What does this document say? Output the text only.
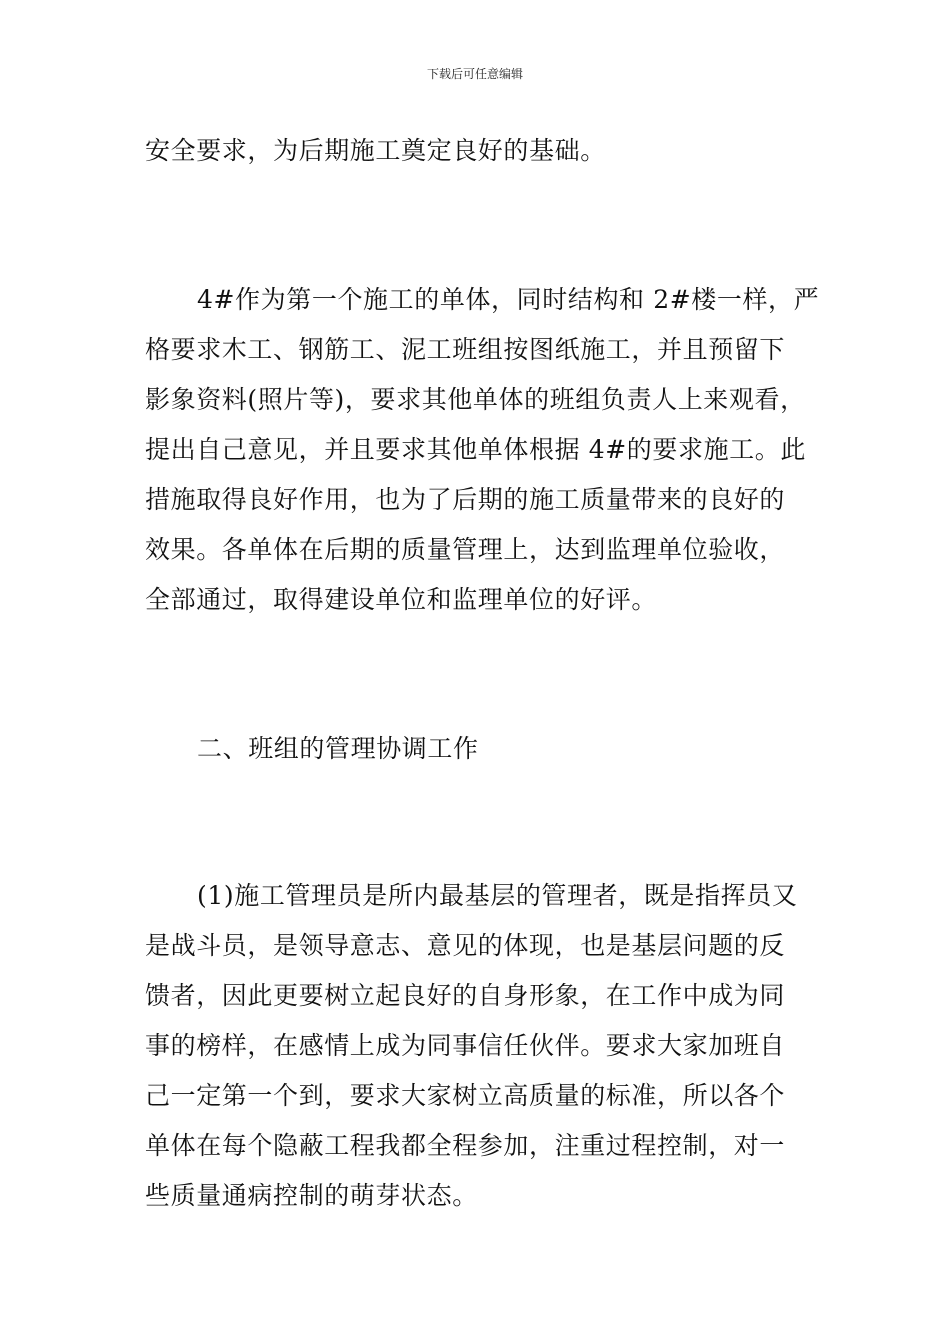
下载后可任意编辑
安全要求，为后期施工奠定良好的基础。
4#作为第一个施工的单体，同时结构和 2#楼一样，严
格要求木工、钢筋工、泥工班组按图纸施工，并且预留下
影象资料(照片等)，要求其他单体的班组负责人上来观看，
提出自己意见，并且要求其他单体根据 4#的要求施工。此
措施取得良好作用，也为了后期的施工质量带来的良好的
效果。各单体在后期的质量管理上，达到监理单位验收，
全部通过，取得建设单位和监理单位的好评。
二、班组的管理协调工作
(1)施工管理员是所内最基层的管理者，既是指挥员又
是战斗员，是领导意志、意见的体现，也是基层问题的反
馈者，因此更要树立起良好的自身形象，在工作中成为同
事的榜样，在感情上成为同事信任伙伴。要求大家加班自
己一定第一个到，要求大家树立高质量的标准，所以各个
单体在每个隐蔽工程我都全程参加，注重过程控制，对一
些质量通病控制的萌芽状态。
